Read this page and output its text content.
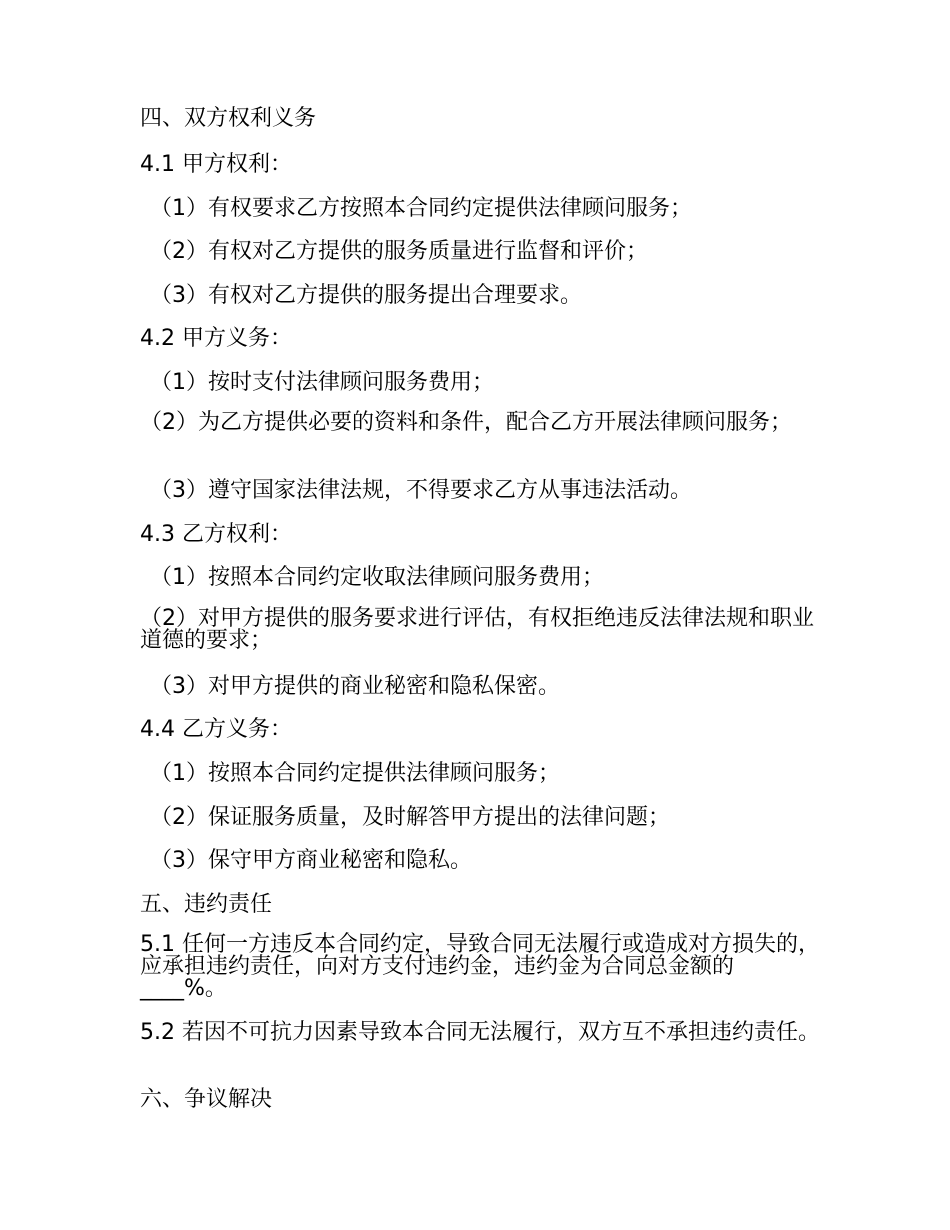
四、双方权利义务
4.1 甲方权利：
（1）有权要求乙方按照本合同约定提供法律顾问服务；
（2）有权对乙方提供的服务质量进行监督和评价；
（3）有权对乙方提供的服务提出合理要求。
4.2 甲方义务：
（1）按时支付法律顾问服务费用；
（2）为乙方提供必要的资料和条件，配合乙方开展法律顾问服务；
（3）遵守国家法律法规，不得要求乙方从事违法活动。
4.3 乙方权利：
（1）按照本合同约定收取法律顾问服务费用；
（2）对甲方提供的服务要求进行评估，有权拒绝违反法律法规和职业道德的要求；
（3）对甲方提供的商业秘密和隐私保密。
4.4 乙方义务：
（1）按照本合同约定提供法律顾问服务；
（2）保证服务质量，及时解答甲方提出的法律问题；
（3）保守甲方商业秘密和隐私。
五、违约责任
5.1 任何一方违反本合同约定，导致合同无法履行或造成对方损失的，应承担违约责任，向对方支付违约金，违约金为合同总金额的____%。
5.2 若因不可抗力因素导致本合同无法履行，双方互不承担违约责任。
六、争议解决
